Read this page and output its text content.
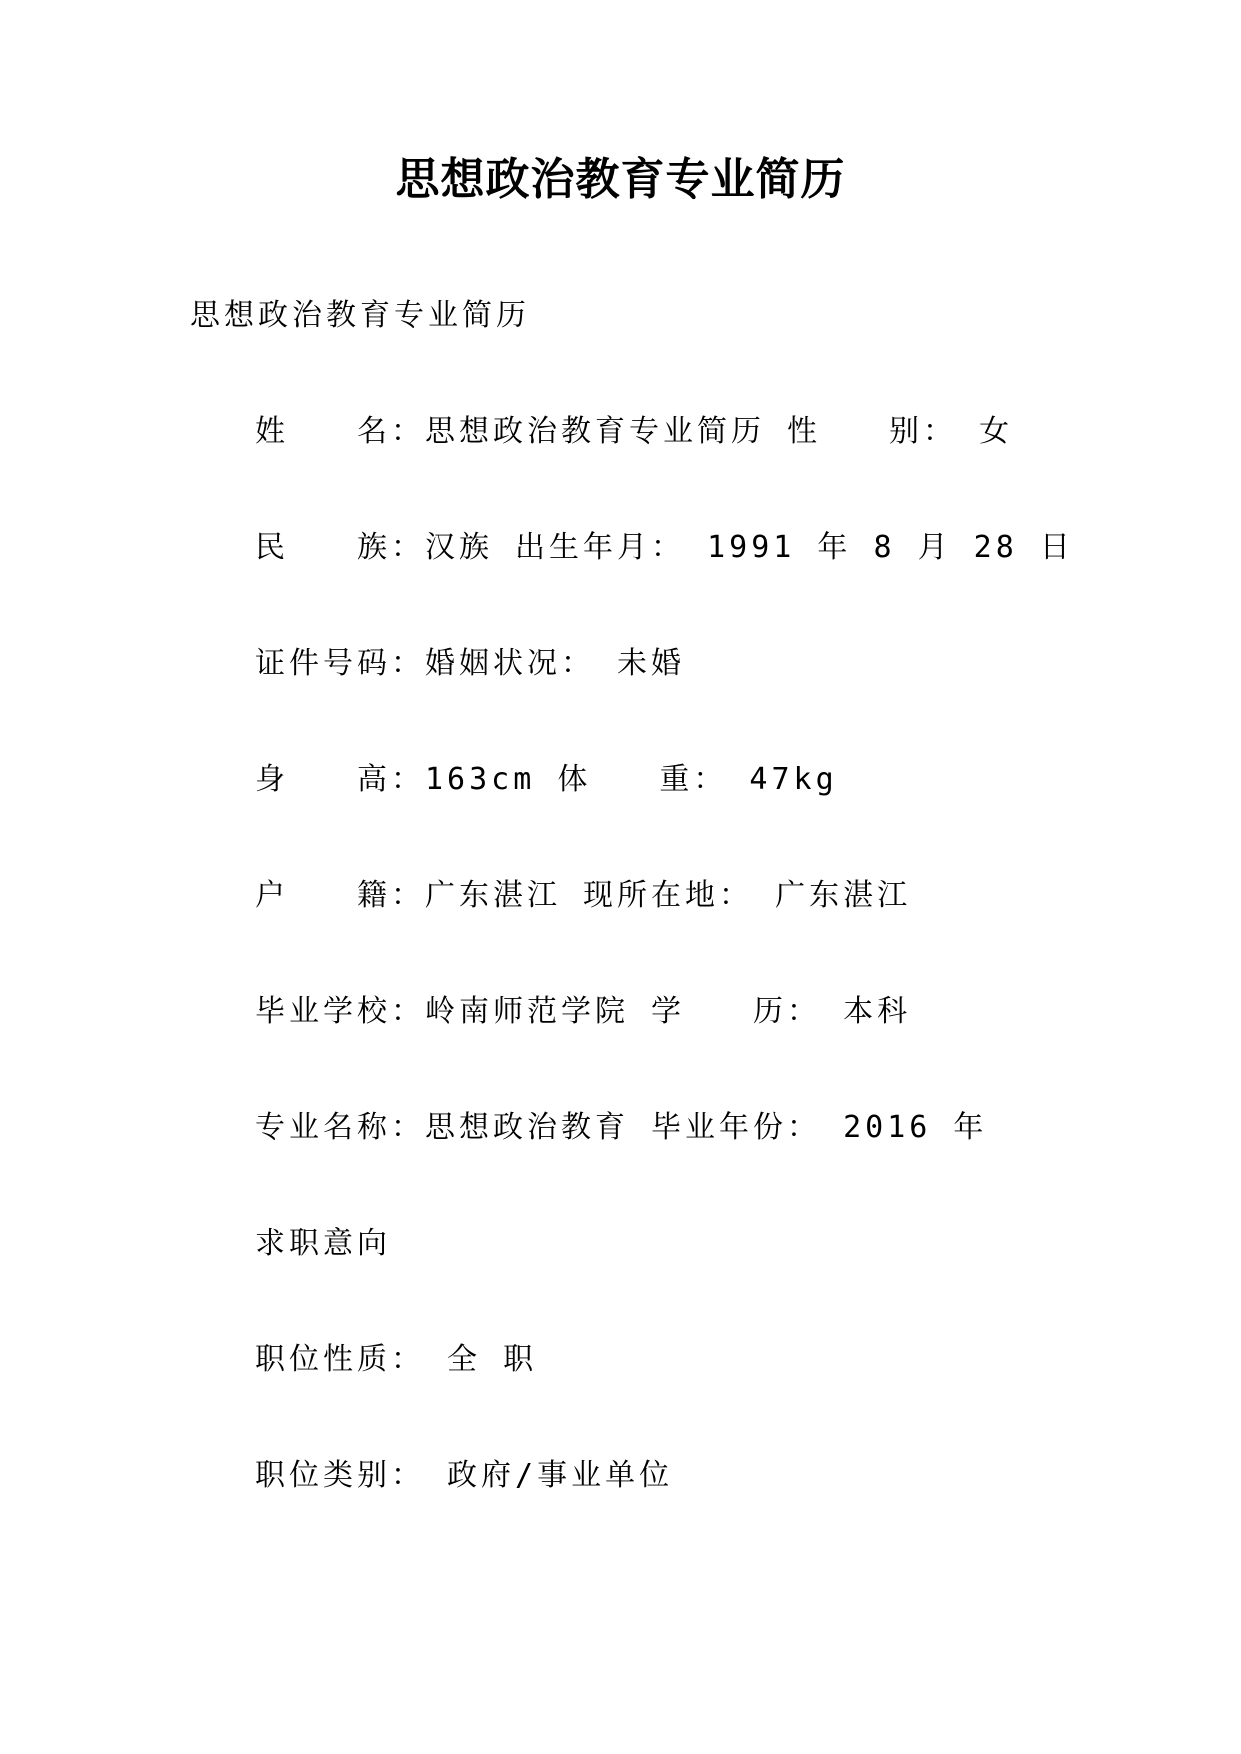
思想政治教育专业简历
思想政治教育专业简历
姓　　名：思想政治教育专业简历 性　　别： 女
民　　族：汉族 出生年月： 1991 年 8 月 28 日
证件号码：婚姻状况： 未婚
身　　高：163cm 体　　重： 47kg
户　　籍：广东湛江 现所在地： 广东湛江
毕业学校：岭南师范学院 学　　历： 本科
专业名称：思想政治教育 毕业年份： 2016 年
求职意向
职位性质： 全 职
职位类别： 政府/事业单位
